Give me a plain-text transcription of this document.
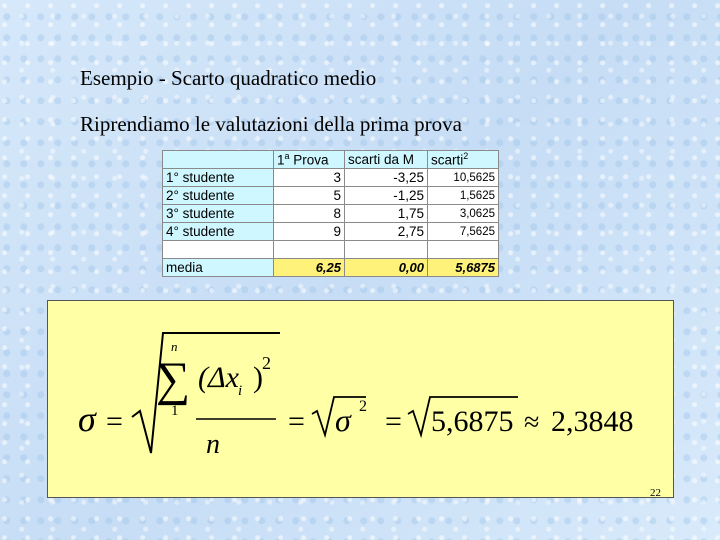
Esempio - Scarto quadratico medio
Riprendiamo le valutazioni della prima prova
	1$^a$ Prova	scarti da M	scarti$^2$
1° studente	3	-3,25	10,5625
2° studente	5	-1,25	1,5625
3° studente	8	1,75	3,0625
4° studente	9	2,75	7,5625

media	6,25	0,00	5,6875
σ =
n
∑
1
(Δx i ) 2
n
= σ 2 = 5,6875 ≈ 2,3848
22
